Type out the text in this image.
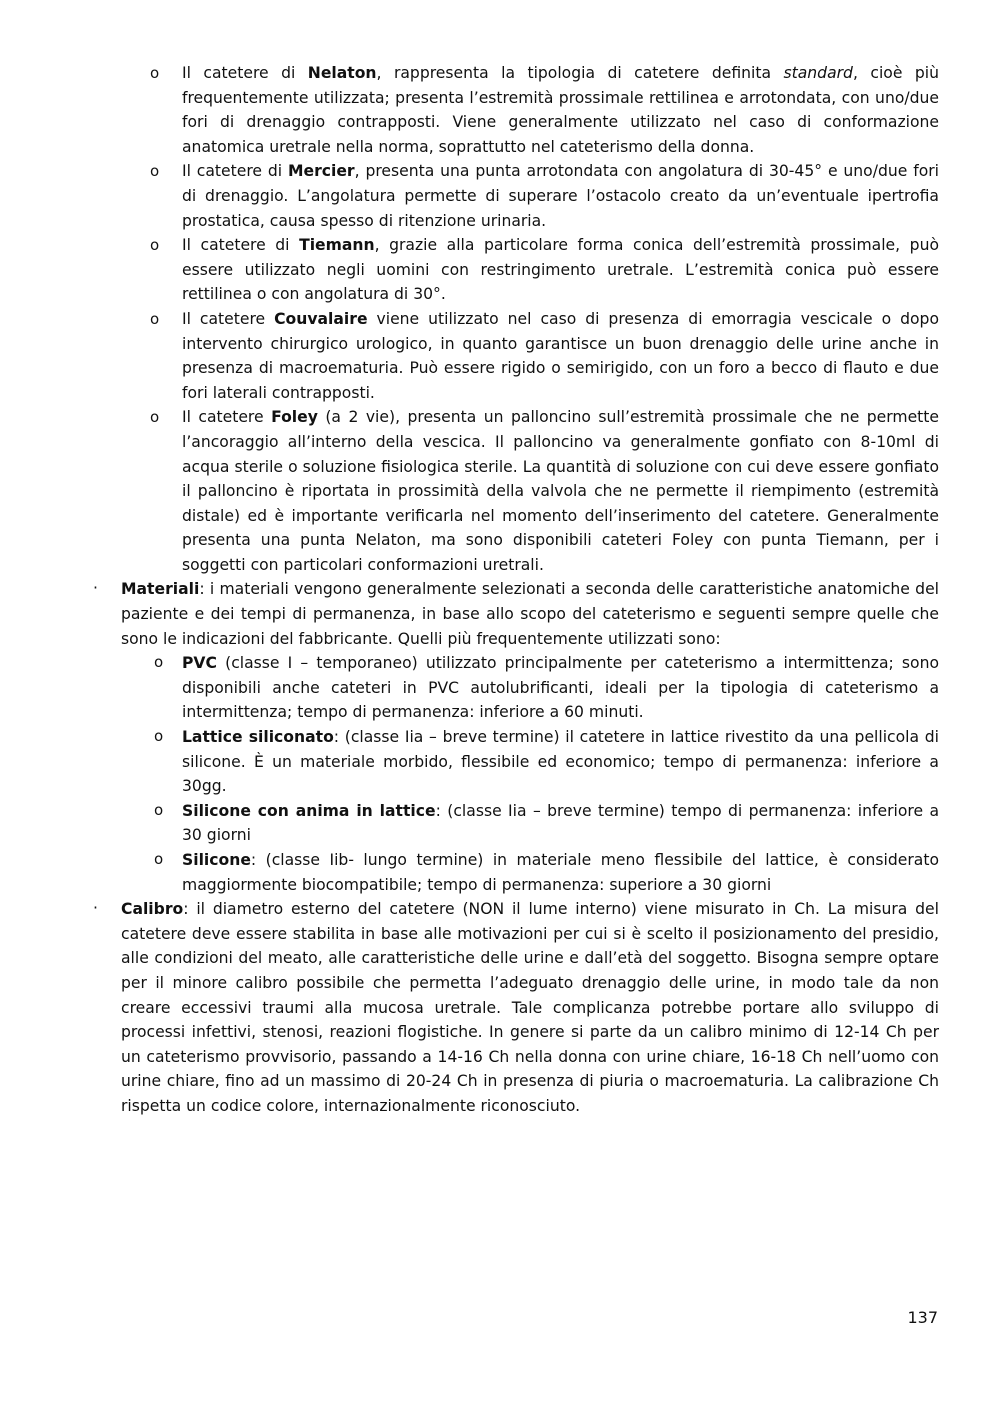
o Il catetere di Nelaton, rappresenta la tipologia di catetere definita standard, cioè più frequentemente utilizzata; presenta l’estremità prossimale rettilinea e arrotondata, con uno/due fori di drenaggio contrapposti. Viene generalmente utilizzato nel caso di conformazione anatomica uretrale nella norma, soprattutto nel cateterismo della donna.
o Il catetere di Mercier, presenta una punta arrotondata con angolatura di 30-45° e uno/due fori di drenaggio. L’angolatura permette di superare l’ostacolo creato da un’eventuale ipertrofia prostatica, causa spesso di ritenzione urinaria.
o Il catetere di Tiemann, grazie alla particolare forma conica dell’estremità prossimale, può essere utilizzato negli uomini con restringimento uretrale. L’estremità conica può essere rettilinea o con angolatura di 30°.
o Il catetere Couvalaire viene utilizzato nel caso di presenza di emorragia vescicale o dopo intervento chirurgico urologico, in quanto garantisce un buon drenaggio delle urine anche in presenza di macroematuria. Può essere rigido o semirigido, con un foro a becco di flauto e due fori laterali contrapposti.
o Il catetere Foley (a 2 vie), presenta un palloncino sull’estremità prossimale che ne permette l’ancoraggio all’interno della vescica. Il palloncino va generalmente gonfiato con 8-10ml di acqua sterile o soluzione fisiologica sterile. La quantità di soluzione con cui deve essere gonfiato il palloncino è riportata in prossimità della valvola che ne permette il riempimento (estremità distale) ed è importante verificarla nel momento dell’inserimento del catetere. Generalmente presenta una punta Nelaton, ma sono disponibili cateteri Foley con punta Tiemann, per i soggetti con particolari conformazioni uretrali.
· Materiali: i materiali vengono generalmente selezionati a seconda delle caratteristiche anatomiche del paziente e dei tempi di permanenza, in base allo scopo del cateterismo e seguenti sempre quelle che sono le indicazioni del fabbricante. Quelli più frequentemente utilizzati sono:
o PVC (classe I – temporaneo) utilizzato principalmente per cateterismo a intermittenza; sono disponibili anche cateteri in PVC autolubrificanti, ideali per la tipologia di cateterismo a intermittenza; tempo di permanenza: inferiore a 60 minuti.
o Lattice siliconato: (classe Iia – breve termine) il catetere in lattice rivestito da una pellicola di silicone. È un materiale morbido, flessibile ed economico; tempo di permanenza: inferiore a 30gg.
o Silicone con anima in lattice: (classe Iia – breve termine) tempo di permanenza: inferiore a 30 giorni
o Silicone: (classe Iib- lungo termine) in materiale meno flessibile del lattice, è considerato maggiormente biocompatibile; tempo di permanenza: superiore a 30 giorni
· Calibro: il diametro esterno del catetere (NON il lume interno) viene misurato in Ch. La misura del catetere deve essere stabilita in base alle motivazioni per cui si è scelto il posizionamento del presidio, alle condizioni del meato, alle caratteristiche delle urine e dall’età del soggetto. Bisogna sempre optare per il minore calibro possibile che permetta l’adeguato drenaggio delle urine, in modo tale da non creare eccessivi traumi alla mucosa uretrale. Tale complicanza potrebbe portare allo sviluppo di processi infettivi, stenosi, reazioni flogistiche. In genere si parte da un calibro minimo di 12-14 Ch per un cateterismo provvisorio, passando a 14-16 Ch nella donna con urine chiare, 16-18 Ch nell’uomo con urine chiare, fino ad un massimo di 20-24 Ch in presenza di piuria o macroematuria. La calibrazione Ch rispetta un codice colore, internazionalmente riconosciuto.
137
